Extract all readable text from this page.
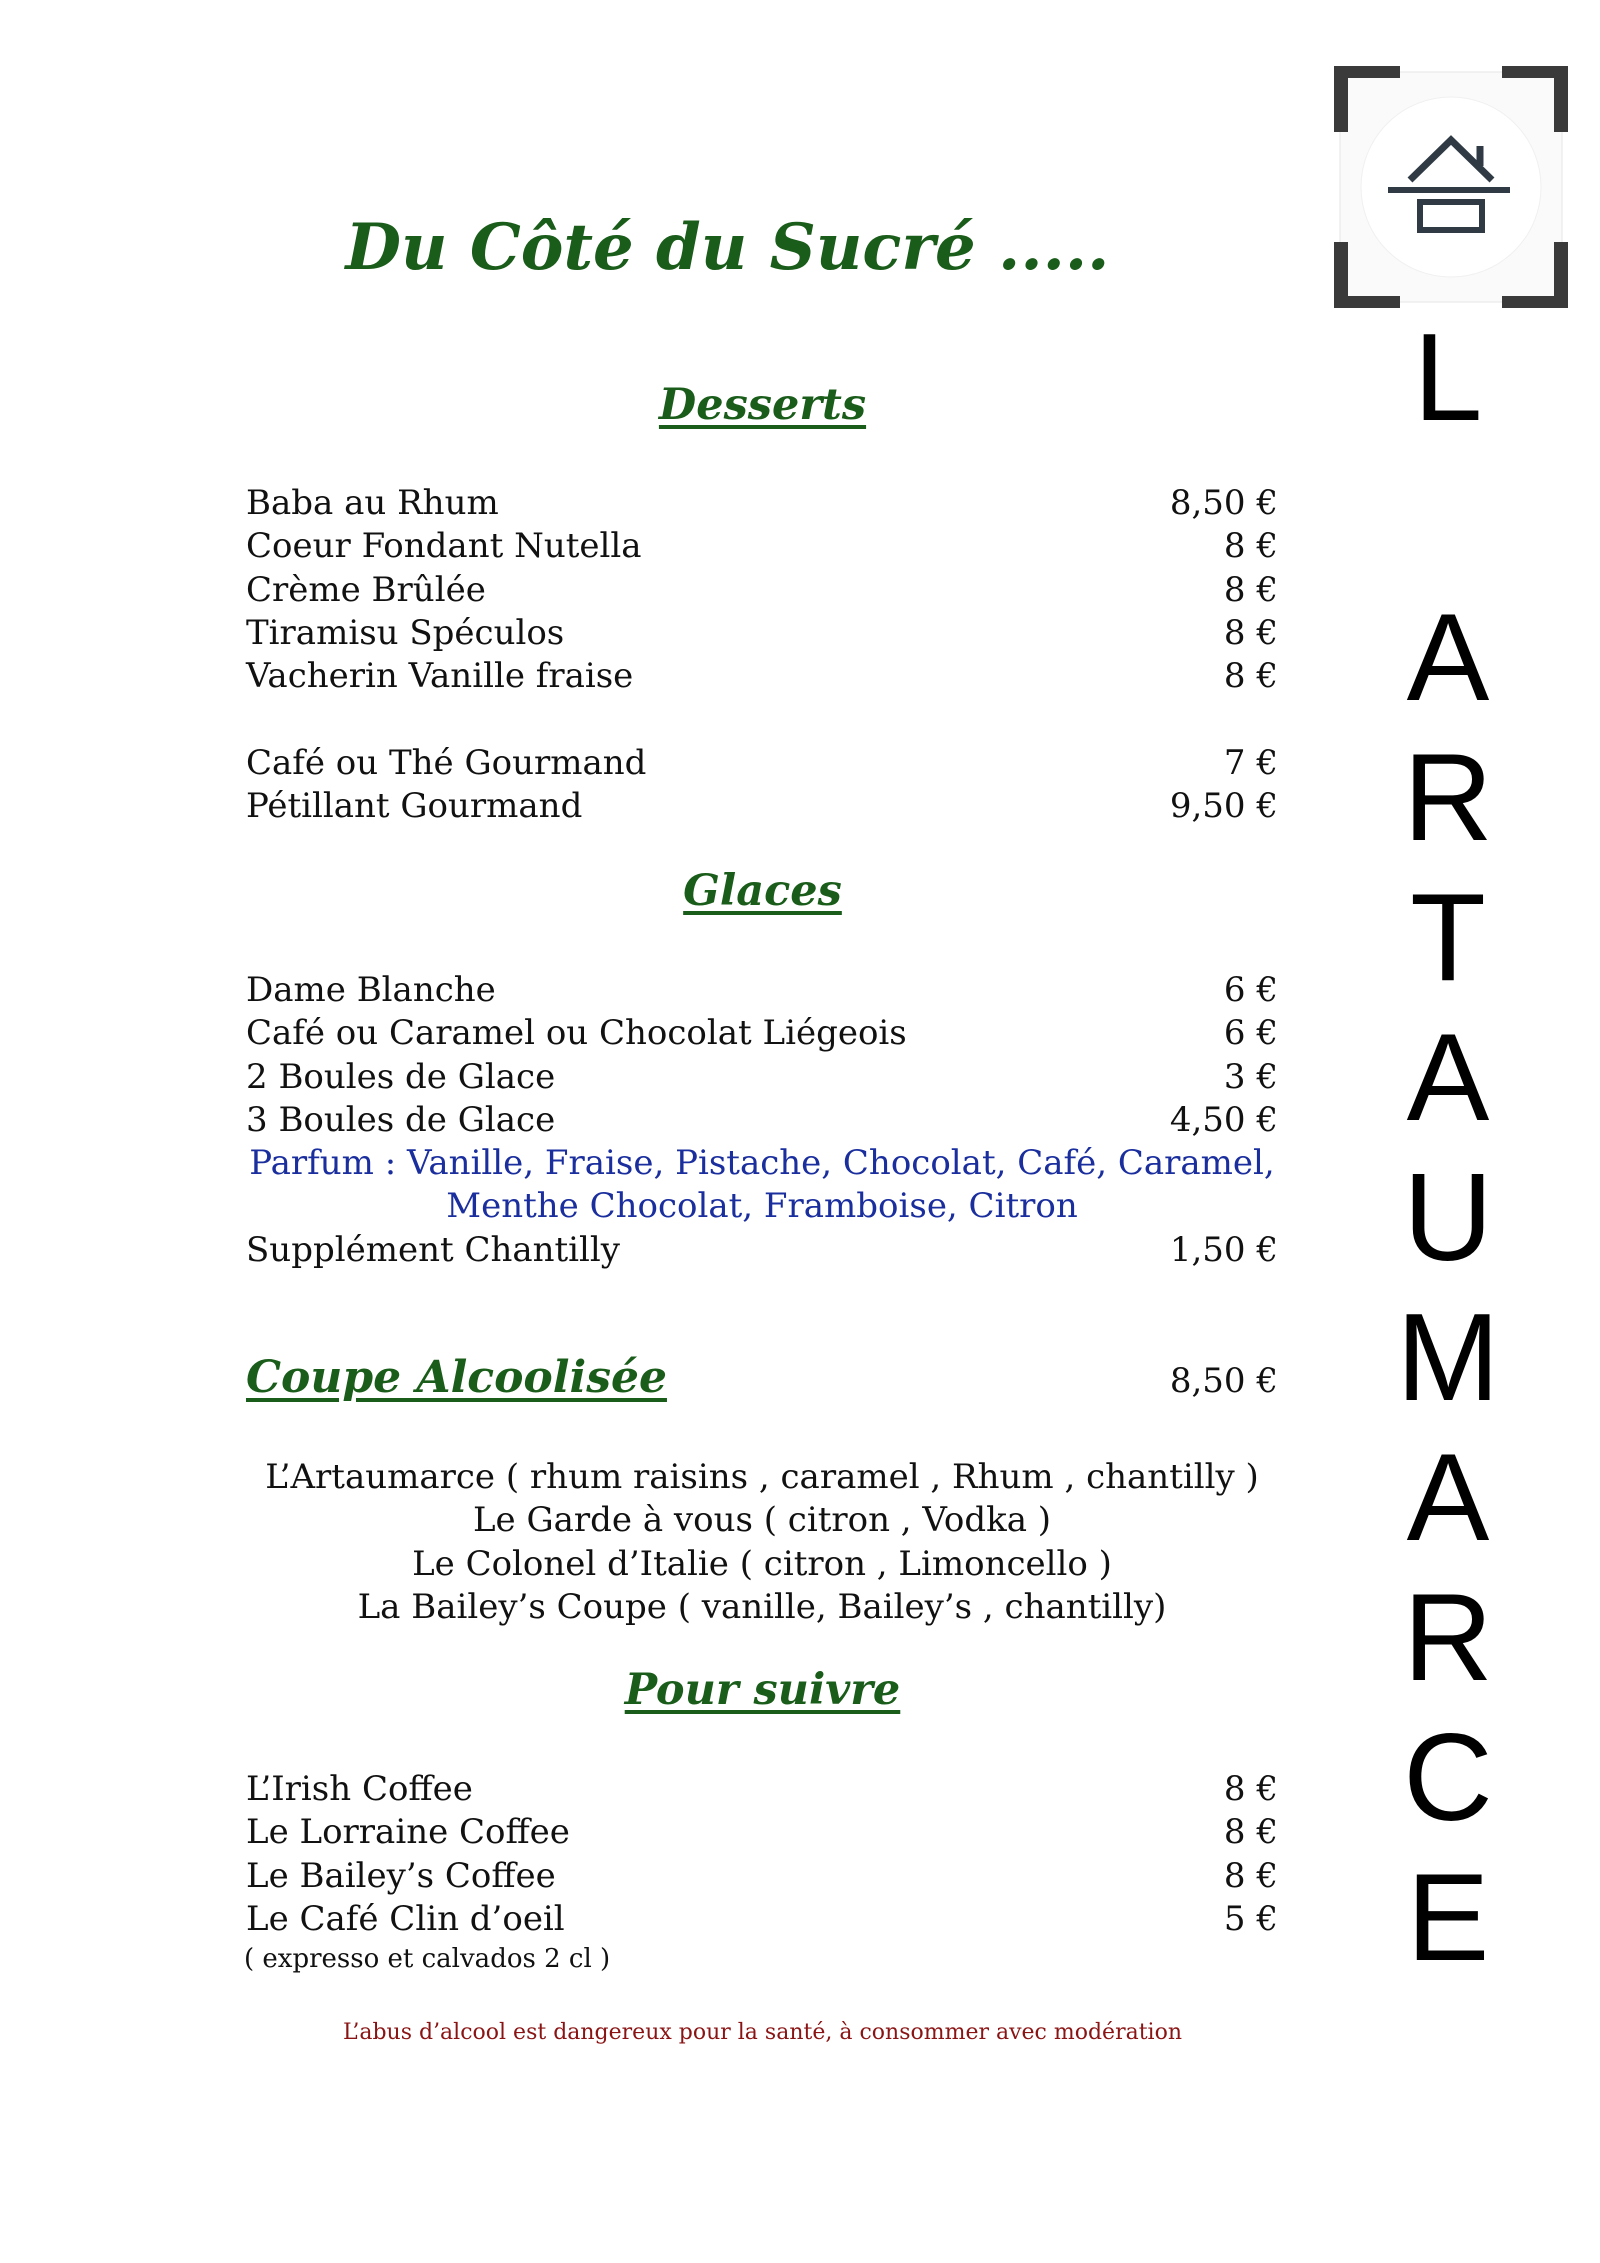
L
A
R
T
A
U
M
A
R
C
E
Du Côté du Sucré .....
Desserts
Baba au Rhum	8,50 €
Coeur Fondant Nutella	8 €
Crème Brûlée	8 €
Tiramisu Spéculos	8 €
Vacherin Vanille fraise	8 €
Café ou Thé Gourmand	7 €
Pétillant Gourmand	9,50 €
Glaces
Dame Blanche	6 €
Café ou Caramel ou Chocolat Liégeois	6 €
2 Boules de Glace	3 €
3 Boules de Glace	4,50 €
Parfum : Vanille, Fraise, Pistache, Chocolat, Café, Caramel,
Menthe Chocolat, Framboise, Citron
Supplément Chantilly	1,50 €
Coupe Alcoolisée	8,50 €
L’Artaumarce ( rhum raisins , caramel , Rhum , chantilly )
Le Garde à vous ( citron , Vodka )
Le Colonel d’Italie ( citron , Limoncello )
La Bailey’s Coupe ( vanille, Bailey’s , chantilly)
Pour suivre
L’Irish Coffee	8 €
Le Lorraine Coffee	8 €
Le Bailey’s Coffee	8 €
Le Café Clin d’oeil	5 €
( expresso et calvados 2 cl )
L’abus d’alcool est dangereux pour la santé, à consommer avec modération
